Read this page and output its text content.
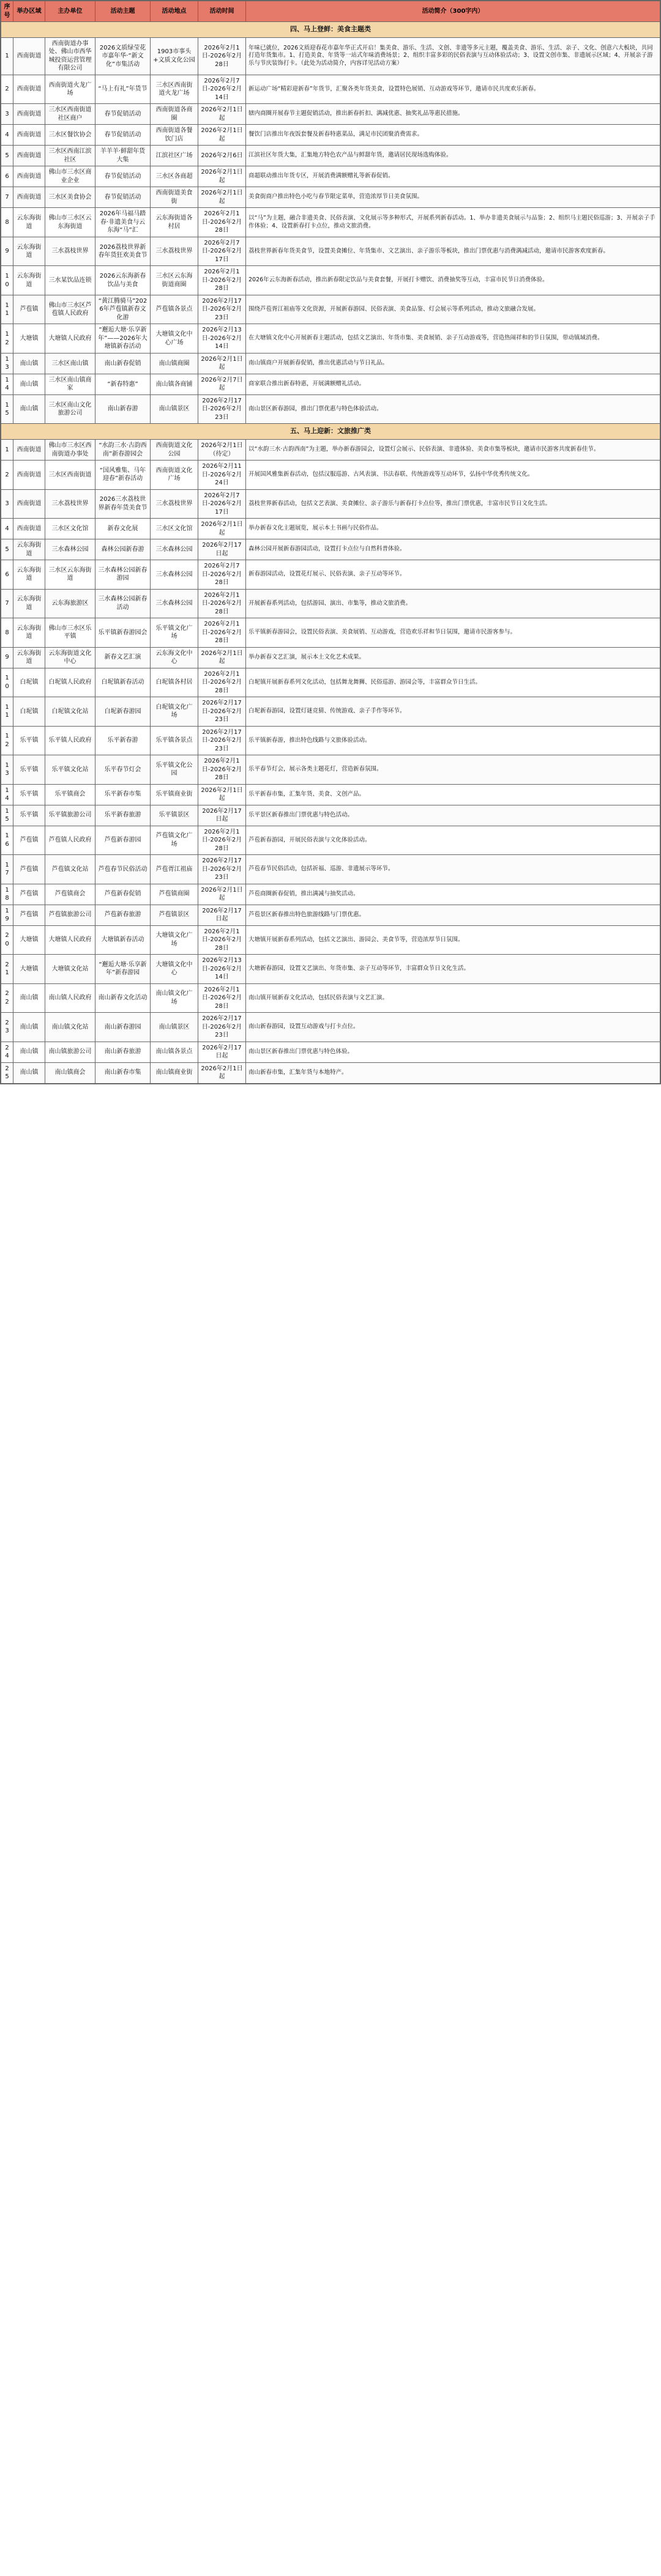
序号	举办区域	主办单位	活动主题	活动地点	活动时间	活动简介（300字内）
四、马上登鲜：美食主题类						
1	西南街道	西南街道办事处、佛山市西华城投资运营管理有限公司	2026文质绿莹花市嘉年华·“新文化”市集活动	1903市事头+文质文化公园	2026年2月1日-2026年2月28日	年味已就位，2026文质迎春花市嘉年华正式开启！集美食、游乐、生活、文创、非遗等多元主题，覆盖美食、游乐、生活、亲子、文化、创意六大板块，共同打造年货集市。1、打造美食、年货等一站式年味消费场景；2、组织丰富多彩的民俗表演与互动体验活动；3、设置文创市集、非遗展示区域；4、开展亲子游乐与节庆装饰打卡。（此处为活动简介，内容详见活动方案）
2	西南街道	西南街道火龙广场	“马上有礼”年货节	三水区西南街道火龙广场	2026年2月7日-2026年2月14日	新运动广场“精彩迎新春”年货节，汇聚各类年货美食，设置特色展销、互动游戏等环节，邀请市民共度欢乐新春。
3	西南街道	三水区西南街道社区商户	春节促销活动	西南街道各商圈	2026年2月1日起	辖内商圈开展春节主题促销活动，推出新春折扣、满减优惠、抽奖礼品等惠民措施。
4	西南街道	三水区餐饮协会	春节促销活动	西南街道各餐饮门店	2026年2月1日起	餐饮门店推出年夜饭套餐及新春特惠菜品，满足市民团聚消费需求。
5	西南街道	三水区西南江滨社区	羊羊羊·鲜甜年货大集	江滨社区广场	2026年2月6日	江滨社区年货大集，汇集地方特色农产品与鲜甜年货，邀请居民现场选购体验。
6	西南街道	佛山市三水区商业企业	春节促销活动	三水区各商超	2026年2月1日起	商超联动推出年货专区，开展消费满额赠礼等新春促销。
7	西南街道	三水区美食协会	春节促销活动	西南街道美食街	2026年2月1日起	美食街商户推出特色小吃与春节限定菜单，营造浓厚节日美食氛围。
8	云东海街道	佛山市三水区云东海街道	2026年马福马踏春·非遗美食与云东海“马”汇	云东海街道各村居	2026年2月1日-2026年2月28日	以“马”为主题，融合非遗美食、民俗表演、文化展示等多种形式，开展系列新春活动。1、举办非遗美食展示与品鉴；2、组织马主题民俗巡游；3、开展亲子手作体验；4、设置新春打卡点位，推动文旅消费。
9	云东海街道	三水荔枝世界	2026荔枝世界新春年货狂欢美食节	三水荔枝世界	2026年2月7日-2026年2月17日	荔枝世界新春年货美食节，设置美食摊位、年货集市、文艺演出、亲子游乐等板块，推出门票优惠与消费满减活动，邀请市民游客欢度新春。
10	云东海街道	三水某饮品连锁	2026云东海新春饮品与美食	三水区云东海街道商圈	2026年2月1日-2026年2月28日	2026年云东海新春活动，推出新春限定饮品与美食套餐，开展打卡赠饮、消费抽奖等互动，丰富市民节日消费体验。
11	芦苞镇	佛山市三水区芦苞镇人民政府	“黄江腾骑马”2026年芦苞镇新春文化游	芦苞镇各景点	2026年2月17日-2026年2月23日	围绕芦苞胥江祖庙等文化资源，开展新春游园、民俗表演、美食品鉴、灯会展示等系列活动，推动文旅融合发展。
12	大塘镇	大塘镇人民政府	“邂逅大塘·乐享新年”——2026年大塘镇新春活动	大塘镇文化中心广场	2026年2月13日-2026年2月14日	在大塘镇文化中心开展新春主题活动，包括文艺演出、年货市集、美食展销、亲子互动游戏等，营造热闹祥和的节日氛围，带动镇域消费。
13	南山镇	三水区南山镇	南山新春促销	南山镇商圈	2026年2月1日起	南山镇商户开展新春促销，推出优惠活动与节日礼品。
14	南山镇	三水区南山镇商家	“新春特惠”	南山镇各商铺	2026年2月7日起	商家联合推出新春特惠，开展满额赠礼活动。
15	南山镇	三水区南山文化旅游公司	南山新春游	南山镇景区	2026年2月17日-2026年2月23日	南山景区新春游园，推出门票优惠与特色体验活动。
五、马上迎新：文旅推广类						
1	西南街道	佛山市三水区西南街道办事处	“水韵三水·古韵西南”新春游园会	西南街道文化公园	2026年2月1日（待定）	以“水韵三水·古韵西南”为主题，举办新春游园会，设置灯会展示、民俗表演、非遗体验、美食市集等板块，邀请市民游客共度新春佳节。
2	西南街道	三水区西南街道	“国风雅集、马年迎春”新春活动	西南街道文化广场	2026年2月11日-2026年2月24日	开展国风雅集新春活动，包括汉服巡游、古风表演、书法春联、传统游戏等互动环节，弘扬中华优秀传统文化。
3	西南街道	三水荔枝世界	2026三水荔枝世界新春年货美食节	三水荔枝世界	2026年2月7日-2026年2月17日	荔枝世界新春活动，包括文艺表演、美食摊位、亲子游乐与新春打卡点位等，推出门票优惠，丰富市民节日文化生活。
4	西南街道	三水区文化馆	新春文化展	三水区文化馆	2026年2月1日起	举办新春文化主题展览，展示本土书画与民俗作品。
5	云东海街道	三水森林公园	森林公园新春游	三水森林公园	2026年2月17日起	森林公园开展新春游园活动，设置打卡点位与自然科普体验。
6	云东海街道	三水区云东海街道	三水森林公园新春游园	三水森林公园	2026年2月7日-2026年2月28日	新春游园活动，设置花灯展示、民俗表演、亲子互动等环节。
7	云东海街道	云东海旅游区	三水森林公园新春活动	三水森林公园	2026年2月1日-2026年2月28日	开展新春系列活动，包括游园、演出、市集等，推动文旅消费。
8	云东海街道	佛山市三水区乐平镇	乐平镇新春游园会	乐平镇文化广场	2026年2月1日-2026年2月28日	乐平镇新春游园会，设置民俗表演、美食展销、互动游戏，营造欢乐祥和节日氛围，邀请市民游客参与。
9	云东海街道	云东海街道文化中心	新春文艺汇演	云东海文化中心	2026年2月1日起	举办新春文艺汇演，展示本土文化艺术成果。
10	白坭镇	白坭镇人民政府	白坭镇新春活动	白坭镇各村居	2026年2月1日-2026年2月28日	白坭镇开展新春系列文化活动，包括舞龙舞狮、民俗巡游、游园会等，丰富群众节日生活。
11	白坭镇	白坭镇文化站	白坭新春游园	白坭镇文化广场	2026年2月17日-2026年2月23日	白坭新春游园，设置灯谜竞猜、传统游戏、亲子手作等环节。
12	乐平镇	乐平镇人民政府	乐平新春游	乐平镇各景点	2026年2月17日-2026年2月23日	乐平镇新春游，推出特色线路与文旅体验活动。
13	乐平镇	乐平镇文化站	乐平春节灯会	乐平镇文化公园	2026年2月1日-2026年2月28日	乐平春节灯会，展示各类主题花灯，营造新春氛围。
14	乐平镇	乐平镇商会	乐平新春市集	乐平镇商业街	2026年2月1日起	乐平新春市集，汇集年货、美食、文创产品。
15	乐平镇	乐平镇旅游公司	乐平新春旅游	乐平镇景区	2026年2月17日起	乐平景区新春推出门票优惠与特色活动。
16	芦苞镇	芦苞镇人民政府	芦苞新春游园	芦苞镇文化广场	2026年2月1日-2026年2月28日	芦苞新春游园，开展民俗表演与文化体验活动。
17	芦苞镇	芦苞镇文化站	芦苞春节民俗活动	芦苞胥江祖庙	2026年2月17日-2026年2月23日	芦苞春节民俗活动，包括祈福、巡游、非遗展示等环节。
18	芦苞镇	芦苞镇商会	芦苞新春促销	芦苞镇商圈	2026年2月1日起	芦苞商圈新春促销，推出满减与抽奖活动。
19	芦苞镇	芦苞镇旅游公司	芦苞新春旅游	芦苞镇景区	2026年2月17日起	芦苞景区新春推出特色旅游线路与门票优惠。
20	大塘镇	大塘镇人民政府	大塘镇新春活动	大塘镇文化广场	2026年2月1日-2026年2月28日	大塘镇开展新春系列活动，包括文艺演出、游园会、美食节等，营造浓厚节日氛围。
21	大塘镇	大塘镇文化站	“邂逅大塘·乐享新年”新春游园	大塘镇文化中心	2026年2月13日-2026年2月14日	大塘新春游园，设置文艺演出、年货市集、亲子互动等环节，丰富群众节日文化生活。
22	南山镇	南山镇人民政府	南山新春文化活动	南山镇文化广场	2026年2月1日-2026年2月28日	南山镇开展新春文化活动，包括民俗表演与文艺汇演。
23	南山镇	南山镇文化站	南山新春游园	南山镇景区	2026年2月17日-2026年2月23日	南山新春游园，设置互动游戏与打卡点位。
24	南山镇	南山镇旅游公司	南山新春旅游	南山镇各景点	2026年2月17日起	南山景区新春推出门票优惠与特色体验。
25	南山镇	南山镇商会	南山新春市集	南山镇商业街	2026年2月1日起	南山新春市集，汇集年货与本地特产。
